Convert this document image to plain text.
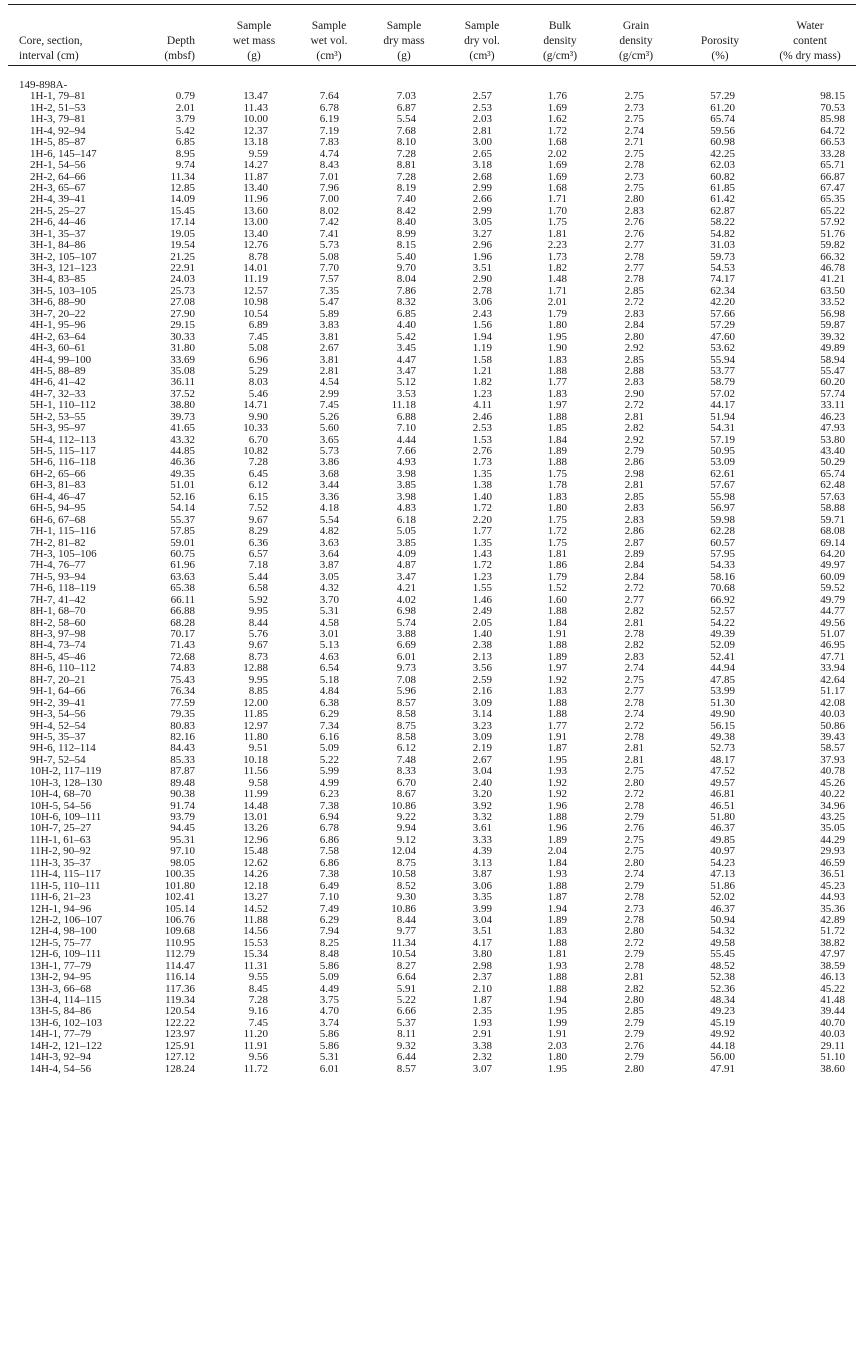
Core, section,
interval (cm)
Depth
(mbsf)
Sample
wet mass
(g)
Sample
wet vol.
(cm³)
Sample
dry mass
(g)
Sample
dry vol.
(cm³)
Bulk
density
(g/cm³)
Grain
density
(g/cm³)
Porosity
(%)
Water
content
(% dry mass)
149-898A-
1H-1, 79–81	0.79	13.47	7.64	7.03	2.57	1.76	2.75	57.29	98.15
1H-2, 51–53	2.01	11.43	6.78	6.87	2.53	1.69	2.73	61.20	70.53
1H-3, 79–81	3.79	10.00	6.19	5.54	2.03	1.62	2.75	65.74	85.98
1H-4, 92–94	5.42	12.37	7.19	7.68	2.81	1.72	2.74	59.56	64.72
1H-5, 85–87	6.85	13.18	7.83	8.10	3.00	1.68	2.71	60.98	66.53
1H-6, 145–147	8.95	9.59	4.74	7.28	2.65	2.02	2.75	42.25	33.28
2H-1, 54–56	9.74	14.27	8.43	8.81	3.18	1.69	2.78	62.03	65.71
2H-2, 64–66	11.34	11.87	7.01	7.28	2.68	1.69	2.73	60.82	66.87
2H-3, 65–67	12.85	13.40	7.96	8.19	2.99	1.68	2.75	61.85	67.47
2H-4, 39–41	14.09	11.96	7.00	7.40	2.66	1.71	2.80	61.42	65.35
2H-5, 25–27	15.45	13.60	8.02	8.42	2.99	1.70	2.83	62.87	65.22
2H-6, 44–46	17.14	13.00	7.42	8.40	3.05	1.75	2.76	58.22	57.92
3H-1, 35–37	19.05	13.40	7.41	8.99	3.27	1.81	2.76	54.82	51.76
3H-1, 84–86	19.54	12.76	5.73	8.15	2.96	2.23	2.77	31.03	59.82
3H-2, 105–107	21.25	8.78	5.08	5.40	1.96	1.73	2.78	59.73	66.32
3H-3, 121–123	22.91	14.01	7.70	9.70	3.51	1.82	2.77	54.53	46.78
3H-4, 83–85	24.03	11.19	7.57	8.04	2.90	1.48	2.78	74.17	41.21
3H-5, 103–105	25.73	12.57	7.35	7.86	2.78	1.71	2.85	62.34	63.50
3H-6, 88–90	27.08	10.98	5.47	8.32	3.06	2.01	2.72	42.20	33.52
3H-7, 20–22	27.90	10.54	5.89	6.85	2.43	1.79	2.83	57.66	56.98
4H-1, 95–96	29.15	6.89	3.83	4.40	1.56	1.80	2.84	57.29	59.87
4H-2, 63–64	30.33	7.45	3.81	5.42	1.94	1.95	2.80	47.60	39.32
4H-3, 60–61	31.80	5.08	2.67	3.45	1.19	1.90	2.92	53.62	49.89
4H-4, 99–100	33.69	6.96	3.81	4.47	1.58	1.83	2.85	55.94	58.94
4H-5, 88–89	35.08	5.29	2.81	3.47	1.21	1.88	2.88	53.77	55.47
4H-6, 41–42	36.11	8.03	4.54	5.12	1.82	1.77	2.83	58.79	60.20
4H-7, 32–33	37.52	5.46	2.99	3.53	1.23	1.83	2.90	57.02	57.74
5H-1, 110–112	38.80	14.71	7.45	11.18	4.11	1.97	2.72	44.17	33.11
5H-2, 53–55	39.73	9.90	5.26	6.88	2.46	1.88	2.81	51.94	46.23
5H-3, 95–97	41.65	10.33	5.60	7.10	2.53	1.85	2.82	54.31	47.93
5H-4, 112–113	43.32	6.70	3.65	4.44	1.53	1.84	2.92	57.19	53.80
5H-5, 115–117	44.85	10.82	5.73	7.66	2.76	1.89	2.79	50.95	43.40
5H-6, 116–118	46.36	7.28	3.86	4.93	1.73	1.88	2.86	53.09	50.29
6H-2, 65–66	49.35	6.45	3.68	3.98	1.35	1.75	2.98	62.61	65.74
6H-3, 81–83	51.01	6.12	3.44	3.85	1.38	1.78	2.81	57.67	62.48
6H-4, 46–47	52.16	6.15	3.36	3.98	1.40	1.83	2.85	55.98	57.63
6H-5, 94–95	54.14	7.52	4.18	4.83	1.72	1.80	2.83	56.97	58.88
6H-6, 67–68	55.37	9.67	5.54	6.18	2.20	1.75	2.83	59.98	59.71
7H-1, 115–116	57.85	8.29	4.82	5.05	1.77	1.72	2.86	62.28	68.08
7H-2, 81–82	59.01	6.36	3.63	3.85	1.35	1.75	2.87	60.57	69.14
7H-3, 105–106	60.75	6.57	3.64	4.09	1.43	1.81	2.89	57.95	64.20
7H-4, 76–77	61.96	7.18	3.87	4.87	1.72	1.86	2.84	54.33	49.97
7H-5, 93–94	63.63	5.44	3.05	3.47	1.23	1.79	2.84	58.16	60.09
7H-6, 118–119	65.38	6.58	4.32	4.21	1.55	1.52	2.72	70.68	59.52
7H-7, 41–42	66.11	5.92	3.70	4.02	1.46	1.60	2.77	66.92	49.79
8H-1, 68–70	66.88	9.95	5.31	6.98	2.49	1.88	2.82	52.57	44.77
8H-2, 58–60	68.28	8.44	4.58	5.74	2.05	1.84	2.81	54.22	49.56
8H-3, 97–98	70.17	5.76	3.01	3.88	1.40	1.91	2.78	49.39	51.07
8H-4, 73–74	71.43	9.67	5.13	6.69	2.38	1.88	2.82	52.09	46.95
8H-5, 45–46	72.68	8.73	4.63	6.01	2.13	1.89	2.83	52.41	47.71
8H-6, 110–112	74.83	12.88	6.54	9.73	3.56	1.97	2.74	44.94	33.94
8H-7, 20–21	75.43	9.95	5.18	7.08	2.59	1.92	2.75	47.85	42.64
9H-1, 64–66	76.34	8.85	4.84	5.96	2.16	1.83	2.77	53.99	51.17
9H-2, 39–41	77.59	12.00	6.38	8.57	3.09	1.88	2.78	51.30	42.08
9H-3, 54–56	79.35	11.85	6.29	8.58	3.14	1.88	2.74	49.90	40.03
9H-4, 52–54	80.83	12.97	7.34	8.75	3.23	1.77	2.72	56.15	50.86
9H-5, 35–37	82.16	11.80	6.16	8.58	3.09	1.91	2.78	49.38	39.43
9H-6, 112–114	84.43	9.51	5.09	6.12	2.19	1.87	2.81	52.73	58.57
9H-7, 52–54	85.33	10.18	5.22	7.48	2.67	1.95	2.81	48.17	37.93
10H-2, 117–119	87.87	11.56	5.99	8.33	3.04	1.93	2.75	47.52	40.78
10H-3, 128–130	89.48	9.58	4.99	6.70	2.40	1.92	2.80	49.57	45.26
10H-4, 68–70	90.38	11.99	6.23	8.67	3.20	1.92	2.72	46.81	40.22
10H-5, 54–56	91.74	14.48	7.38	10.86	3.92	1.96	2.78	46.51	34.96
10H-6, 109–111	93.79	13.01	6.94	9.22	3.32	1.88	2.79	51.80	43.25
10H-7, 25–27	94.45	13.26	6.78	9.94	3.61	1.96	2.76	46.37	35.05
11H-1, 61–63	95.31	12.96	6.86	9.12	3.33	1.89	2.75	49.85	44.29
11H-2, 90–92	97.10	15.48	7.58	12.04	4.39	2.04	2.75	40.97	29.93
11H-3, 35–37	98.05	12.62	6.86	8.75	3.13	1.84	2.80	54.23	46.59
11H-4, 115–117	100.35	14.26	7.38	10.58	3.87	1.93	2.74	47.13	36.51
11H-5, 110–111	101.80	12.18	6.49	8.52	3.06	1.88	2.79	51.86	45.23
11H-6, 21–23	102.41	13.27	7.10	9.30	3.35	1.87	2.78	52.02	44.93
12H-1, 94–96	105.14	14.52	7.49	10.86	3.99	1.94	2.73	46.37	35.36
12H-2, 106–107	106.76	11.88	6.29	8.44	3.04	1.89	2.78	50.94	42.89
12H-4, 98–100	109.68	14.56	7.94	9.77	3.51	1.83	2.80	54.32	51.72
12H-5, 75–77	110.95	15.53	8.25	11.34	4.17	1.88	2.72	49.58	38.82
12H-6, 109–111	112.79	15.34	8.48	10.54	3.80	1.81	2.79	55.45	47.97
13H-1, 77–79	114.47	11.31	5.86	8.27	2.98	1.93	2.78	48.52	38.59
13H-2, 94–95	116.14	9.55	5.09	6.64	2.37	1.88	2.81	52.38	46.13
13H-3, 66–68	117.36	8.45	4.49	5.91	2.10	1.88	2.82	52.36	45.22
13H-4, 114–115	119.34	7.28	3.75	5.22	1.87	1.94	2.80	48.34	41.48
13H-5, 84–86	120.54	9.16	4.70	6.66	2.35	1.95	2.85	49.23	39.44
13H-6, 102–103	122.22	7.45	3.74	5.37	1.93	1.99	2.79	45.19	40.70
14H-1, 77–79	123.97	11.20	5.86	8.11	2.91	1.91	2.79	49.92	40.03
14H-2, 121–122	125.91	11.91	5.86	9.32	3.38	2.03	2.76	44.18	29.11
14H-3, 92–94	127.12	9.56	5.31	6.44	2.32	1.80	2.79	56.00	51.10
14H-4, 54–56	128.24	11.72	6.01	8.57	3.07	1.95	2.80	47.91	38.60
